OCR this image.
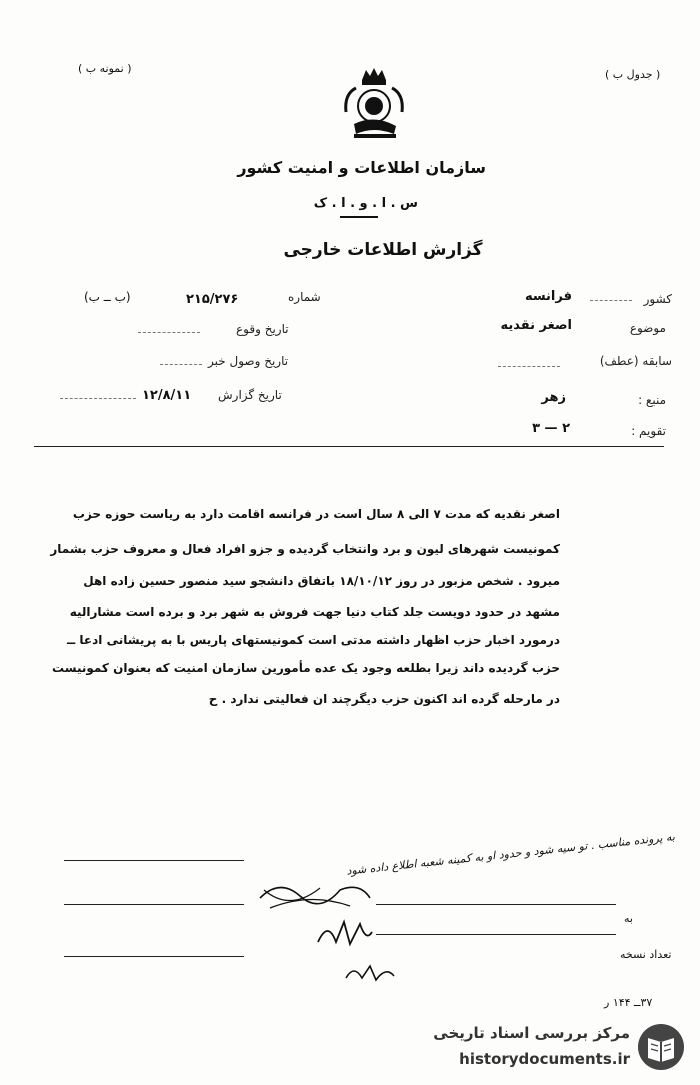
( نمونه ب )	( جدول ب )
سازمان اطلاعات و امنیت کشور
س . ا . و . ا . ک
گزارش اطلاعات خارجی
کشور
فرانسه
موضوع
اصغر نقدیه
سابقه (عطف)
منبع :
زهر
تقویم :
۲ — ۳
(ب ــ ب)	شماره
۲۱۵/۲۷۶
تاریخ وقوع
تاریخ وصول خبر
تاریخ گزارش
۱۲/۸/۱۱
اصغر نقدیه که مدت ۷ الی ۸ سال است در فرانسه اقامت دارد به ریاست حوزه حزب
کمونیست شهرهای لیون و برد وانتخاب گردیده و جزو افراد فعال و معروف حزب بشمار
میرود . شخص مزبور در روز ۱۸/۱۰/۱۲ باتفاق دانشجو سید منصور حسین زاده اهل
مشهد در حدود دویست جلد کتاب دنیا جهت فروش به شهر برد و برده است مشارالیه
درمورد اخبار حزب اظهار داشته مدتی است کمونیستهای پاریس با به پریشانی ادعا ــ
حزب گردیده داند زیرا بطلعه وجود یک عده مأمورین سازمان امنیت که بعنوان کمونیست
در مارحله گرده اند اکنون حزب دیگرچند ان فعالیتی ندارد . ح
به پرونده مناسب . تو سیه شود و حدود او به کمینه شعبه اطلاع داده شود
به
تعداد نسخه
۳۷ــ ۱۴۴ ر
مرکز بررسی اسناد تاریخی
historydocuments.ir
